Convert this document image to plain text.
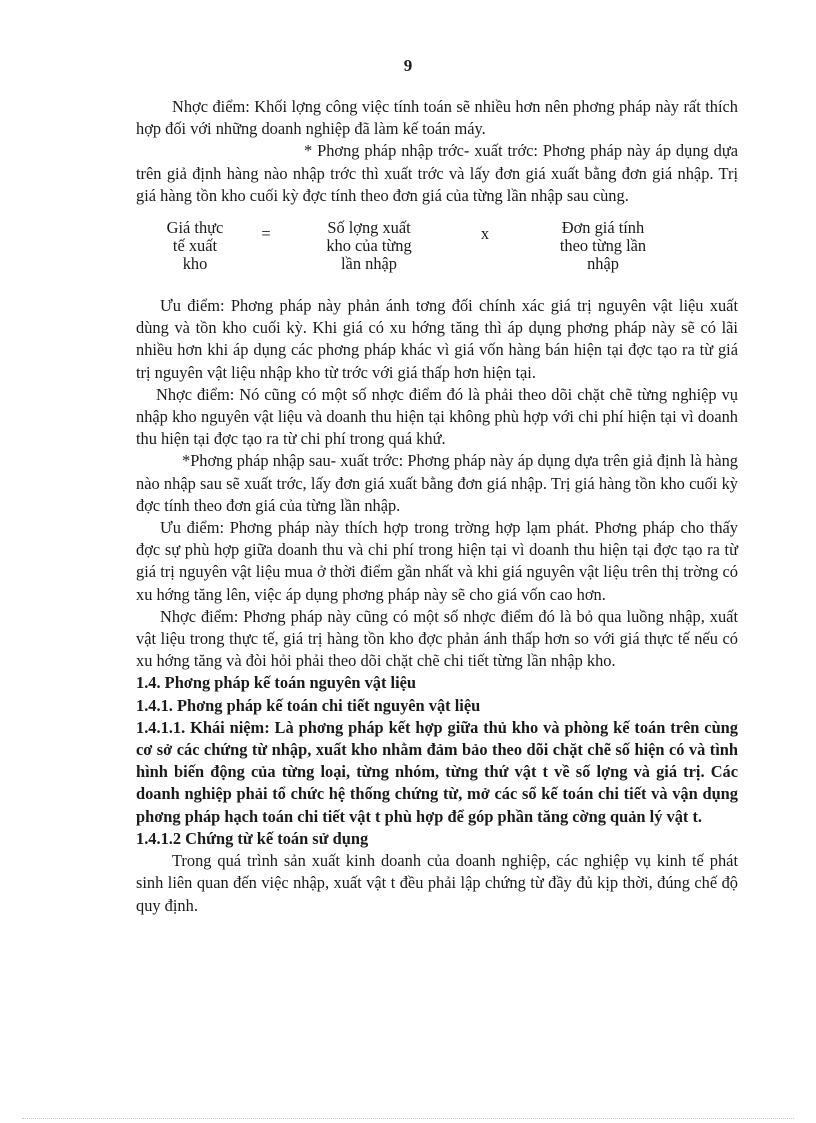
9

Nhợc điểm: Khối lợng công việc tính toán sẽ nhiều hơn nên phơng pháp này rất thích hợp đối với những doanh nghiệp đã làm kế toán máy.

* Phơng pháp nhập trớc- xuất trớc: Phơng pháp này áp dụng dựa trên giả định hàng nào nhập trớc thì xuất trớc và lấy đơn giá xuất bằng đơn giá nhập. Trị giá hàng tồn kho cuối kỳ đợc tính theo đơn giá của từng lần nhập sau cùng.

Giá thực
tế xuất
kho
=	Số lợng xuất
kho của từng
lần nhập
x	Đơn giá tính
theo từng lần
nhập

Ưu điểm: Phơng pháp này phản ánh tơng đối chính xác giá trị nguyên vật liệu xuất dùng và tồn kho cuối kỳ. Khi giá có xu hớng tăng thì áp dụng phơng pháp này sẽ có lãi nhiều hơn khi áp dụng các phơng pháp khác vì giá vốn hàng bán hiện tại đợc tạo ra từ giá trị nguyên vật liệu nhập kho từ trớc với giá thấp hơn hiện tại.

Nhợc điểm: Nó cũng có một số nhợc điểm đó là phải theo dõi chặt chẽ từng nghiệp vụ nhập kho nguyên vật liệu và doanh thu hiện tại không phù hợp với chi phí hiện tại vì doanh thu hiện tại đợc tạo ra từ chi phí trong quá khứ.

*Phơng pháp nhập sau- xuất trớc: Phơng pháp này áp dụng dựa trên giả định là hàng nào nhập sau sẽ xuất trớc, lấy đơn giá xuất bằng đơn giá nhập. Trị giá hàng tồn kho cuối kỳ đợc tính theo đơn giá của từng lần nhập.

Ưu điểm: Phơng pháp này thích hợp trong trờng hợp lạm phát. Phơng pháp cho thấy đợc sự phù hợp giữa doanh thu và chi phí trong hiện tại vì doanh thu hiện tại đợc tạo ra từ giá trị nguyên vật liệu mua ở thời điểm gần nhất và khi giá nguyên vật liệu trên thị trờng có xu hớng tăng lên, việc áp dụng phơng pháp này sẽ cho giá vốn cao hơn.

Nhợc điểm: Phơng pháp này cũng có một số nhợc điểm đó là bỏ qua luồng nhập, xuất vật liệu trong thực tế, giá trị hàng tồn kho đợc phản ánh thấp hơn so với giá thực tế nếu có xu hớng tăng và đòi hỏi phải theo dõi chặt chẽ chi tiết từng lần nhập kho.

1.4. Phơng pháp kế toán nguyên vật liệu

1.4.1. Phơng pháp kế toán chi tiết nguyên vật liệu

1.4.1.1. Khái niệm: Là phơng pháp kết hợp giữa thủ kho và phòng kế toán trên cùng cơ sở các chứng từ nhập, xuất kho nhằm đảm bảo theo dõi chặt chẽ số hiện có và tình hình biến động của từng loại, từng nhóm, từng thứ vật t về số lợng và giá trị. Các doanh nghiệp phải tổ chức hệ thống chứng từ, mở các sổ kế toán chi tiết và vận dụng phơng pháp hạch toán chi tiết vật t phù hợp để góp phần tăng cờng quản lý vật t.

1.4.1.2 Chứng từ kế toán sử dụng

Trong quá trình sản xuất kinh doanh của doanh nghiệp, các nghiệp vụ kinh tế phát sinh liên quan đến việc nhập, xuất vật t đều phải lập chứng từ đầy đủ kịp thời, đúng chế độ quy định.
